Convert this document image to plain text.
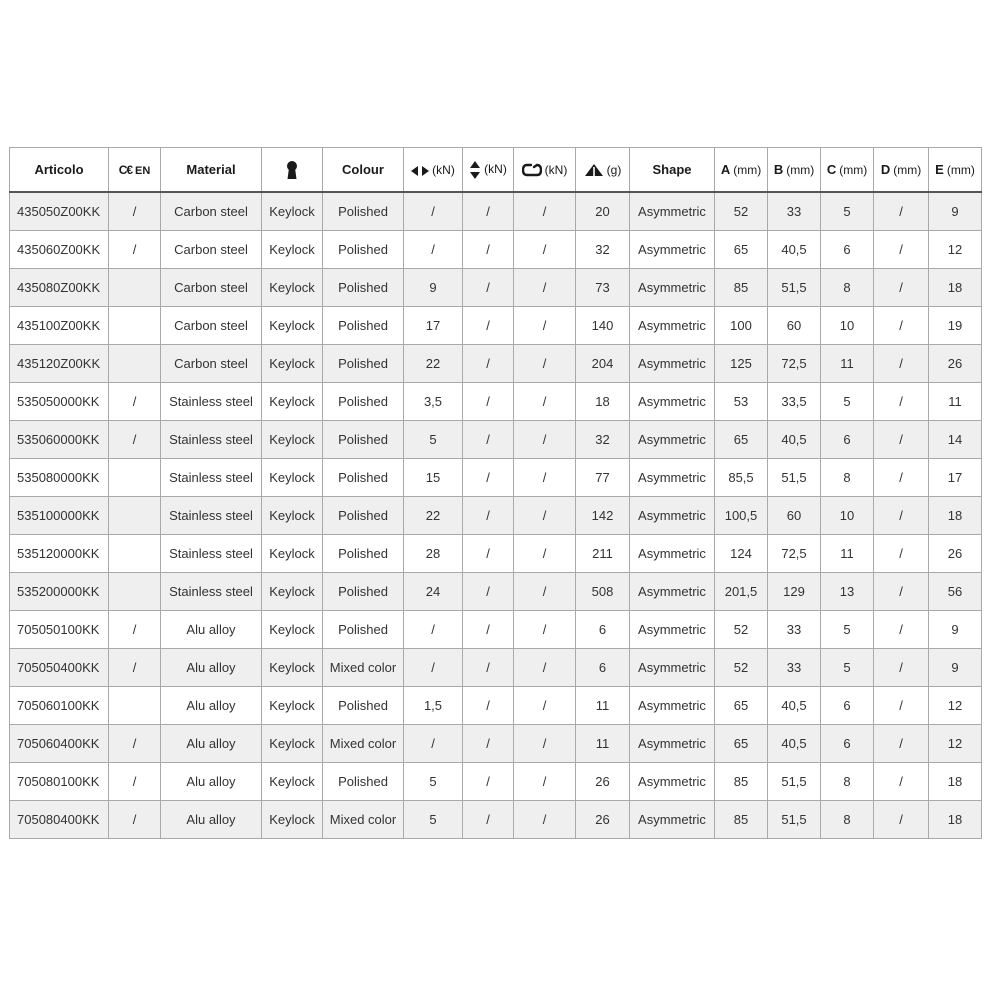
Articolo	C€ EN	Material		Colour	(kN)	(kN)	(kN)	(g)	Shape	A (mm)	B (mm)	C (mm)	D (mm)	E (mm)
435050Z00KK	/	Carbon steel	Keylock	Polished	/	/	/	20	Asymmetric	52	33	5	/	9
435060Z00KK	/	Carbon steel	Keylock	Polished	/	/	/	32	Asymmetric	65	40,5	6	/	12
435080Z00KK		Carbon steel	Keylock	Polished	9	/	/	73	Asymmetric	85	51,5	8	/	18
435100Z00KK		Carbon steel	Keylock	Polished	17	/	/	140	Asymmetric	100	60	10	/	19
435120Z00KK		Carbon steel	Keylock	Polished	22	/	/	204	Asymmetric	125	72,5	11	/	26
535050000KK	/	Stainless steel	Keylock	Polished	3,5	/	/	18	Asymmetric	53	33,5	5	/	11
535060000KK	/	Stainless steel	Keylock	Polished	5	/	/	32	Asymmetric	65	40,5	6	/	14
535080000KK		Stainless steel	Keylock	Polished	15	/	/	77	Asymmetric	85,5	51,5	8	/	17
535100000KK		Stainless steel	Keylock	Polished	22	/	/	142	Asymmetric	100,5	60	10	/	18
535120000KK		Stainless steel	Keylock	Polished	28	/	/	211	Asymmetric	124	72,5	11	/	26
535200000KK		Stainless steel	Keylock	Polished	24	/	/	508	Asymmetric	201,5	129	13	/	56
705050100KK	/	Alu alloy	Keylock	Polished	/	/	/	6	Asymmetric	52	33	5	/	9
705050400KK	/	Alu alloy	Keylock	Mixed color	/	/	/	6	Asymmetric	52	33	5	/	9
705060100KK		Alu alloy	Keylock	Polished	1,5	/	/	11	Asymmetric	65	40,5	6	/	12
705060400KK	/	Alu alloy	Keylock	Mixed color	/	/	/	11	Asymmetric	65	40,5	6	/	12
705080100KK	/	Alu alloy	Keylock	Polished	5	/	/	26	Asymmetric	85	51,5	8	/	18
705080400KK	/	Alu alloy	Keylock	Mixed color	5	/	/	26	Asymmetric	85	51,5	8	/	18
